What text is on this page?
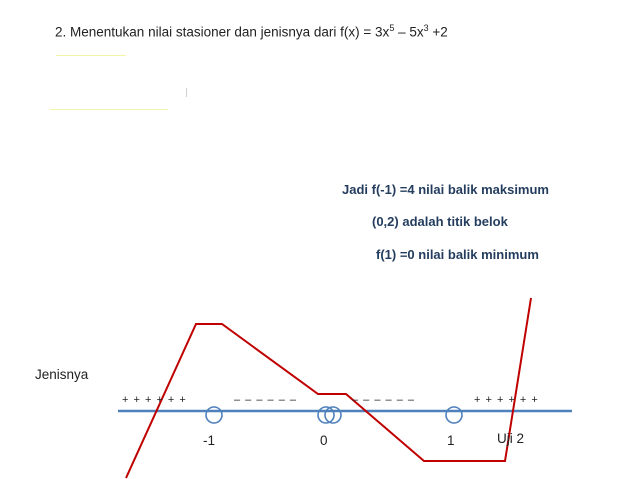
2. Menentukan nilai stasioner dan jenisnya dari $f(x) = 3x^5 - 5x^3 +2$
Jadi f(-1) =4 nilai balik maksimum
(0,2) adalah titik belok
f(1) =0 nilai balik minimum
Jenisnya
+ + + + + +	– – – – – –	– – – – – –	+ + + + + +
-1	0	1	Uji 2
